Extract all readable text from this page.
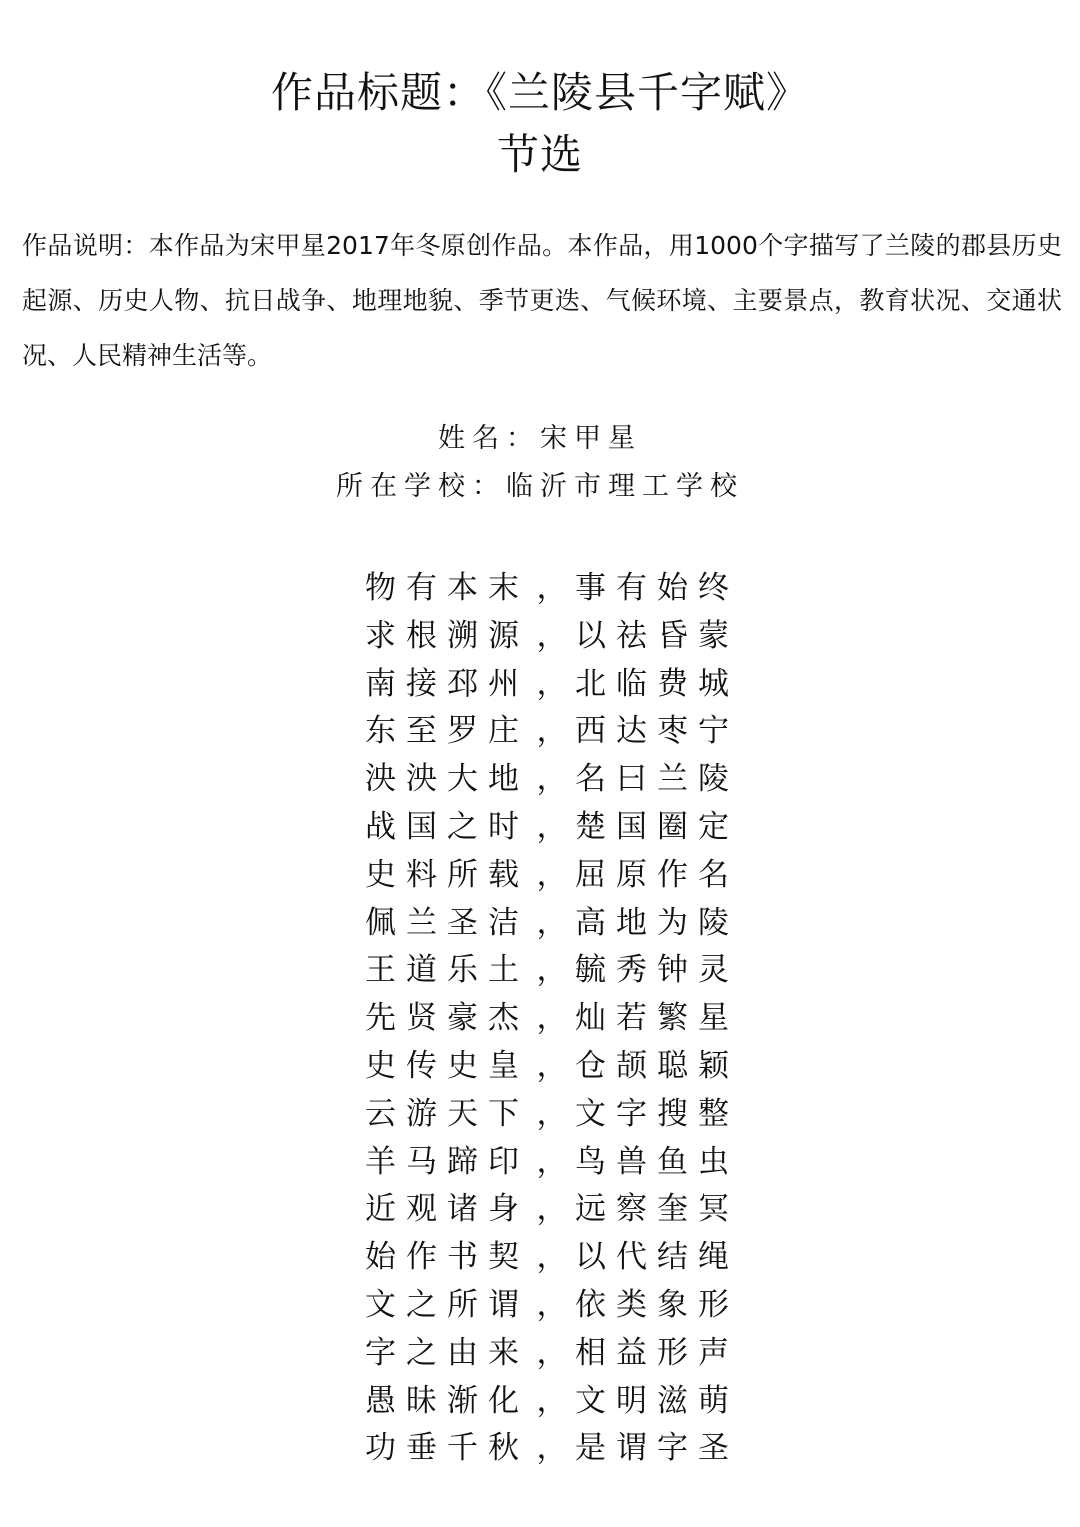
作品标题：《兰陵县千字赋》
节选
作品说明：本作品为宋甲星2017年冬原创作品。本作品，用1000个字描写了兰陵的郡县历史起源、历史人物、抗日战争、地理地貌、季节更迭、气候环境、主要景点，教育状况、交通状况、人民精神生活等。
姓名：宋甲星
所在学校：临沂市理工学校
物有本末 ， 事有始终
求根溯源 ， 以祛昏蒙
南接邳州 ， 北临费城
东至罗庄 ， 西达枣宁
泱泱大地 ， 名曰兰陵
战国之时 ， 楚国圈定
史料所载 ， 屈原作名
佩兰圣洁 ， 高地为陵
王道乐土 ， 毓秀钟灵
先贤豪杰 ， 灿若繁星
史传史皇 ， 仓颉聪颖
云游天下 ， 文字搜整
羊马蹄印 ， 鸟兽鱼虫
近观诸身 ， 远察奎冥
始作书契 ， 以代结绳
文之所谓 ， 依类象形
字之由来 ， 相益形声
愚昧渐化 ， 文明滋萌
功垂千秋 ， 是谓字圣
